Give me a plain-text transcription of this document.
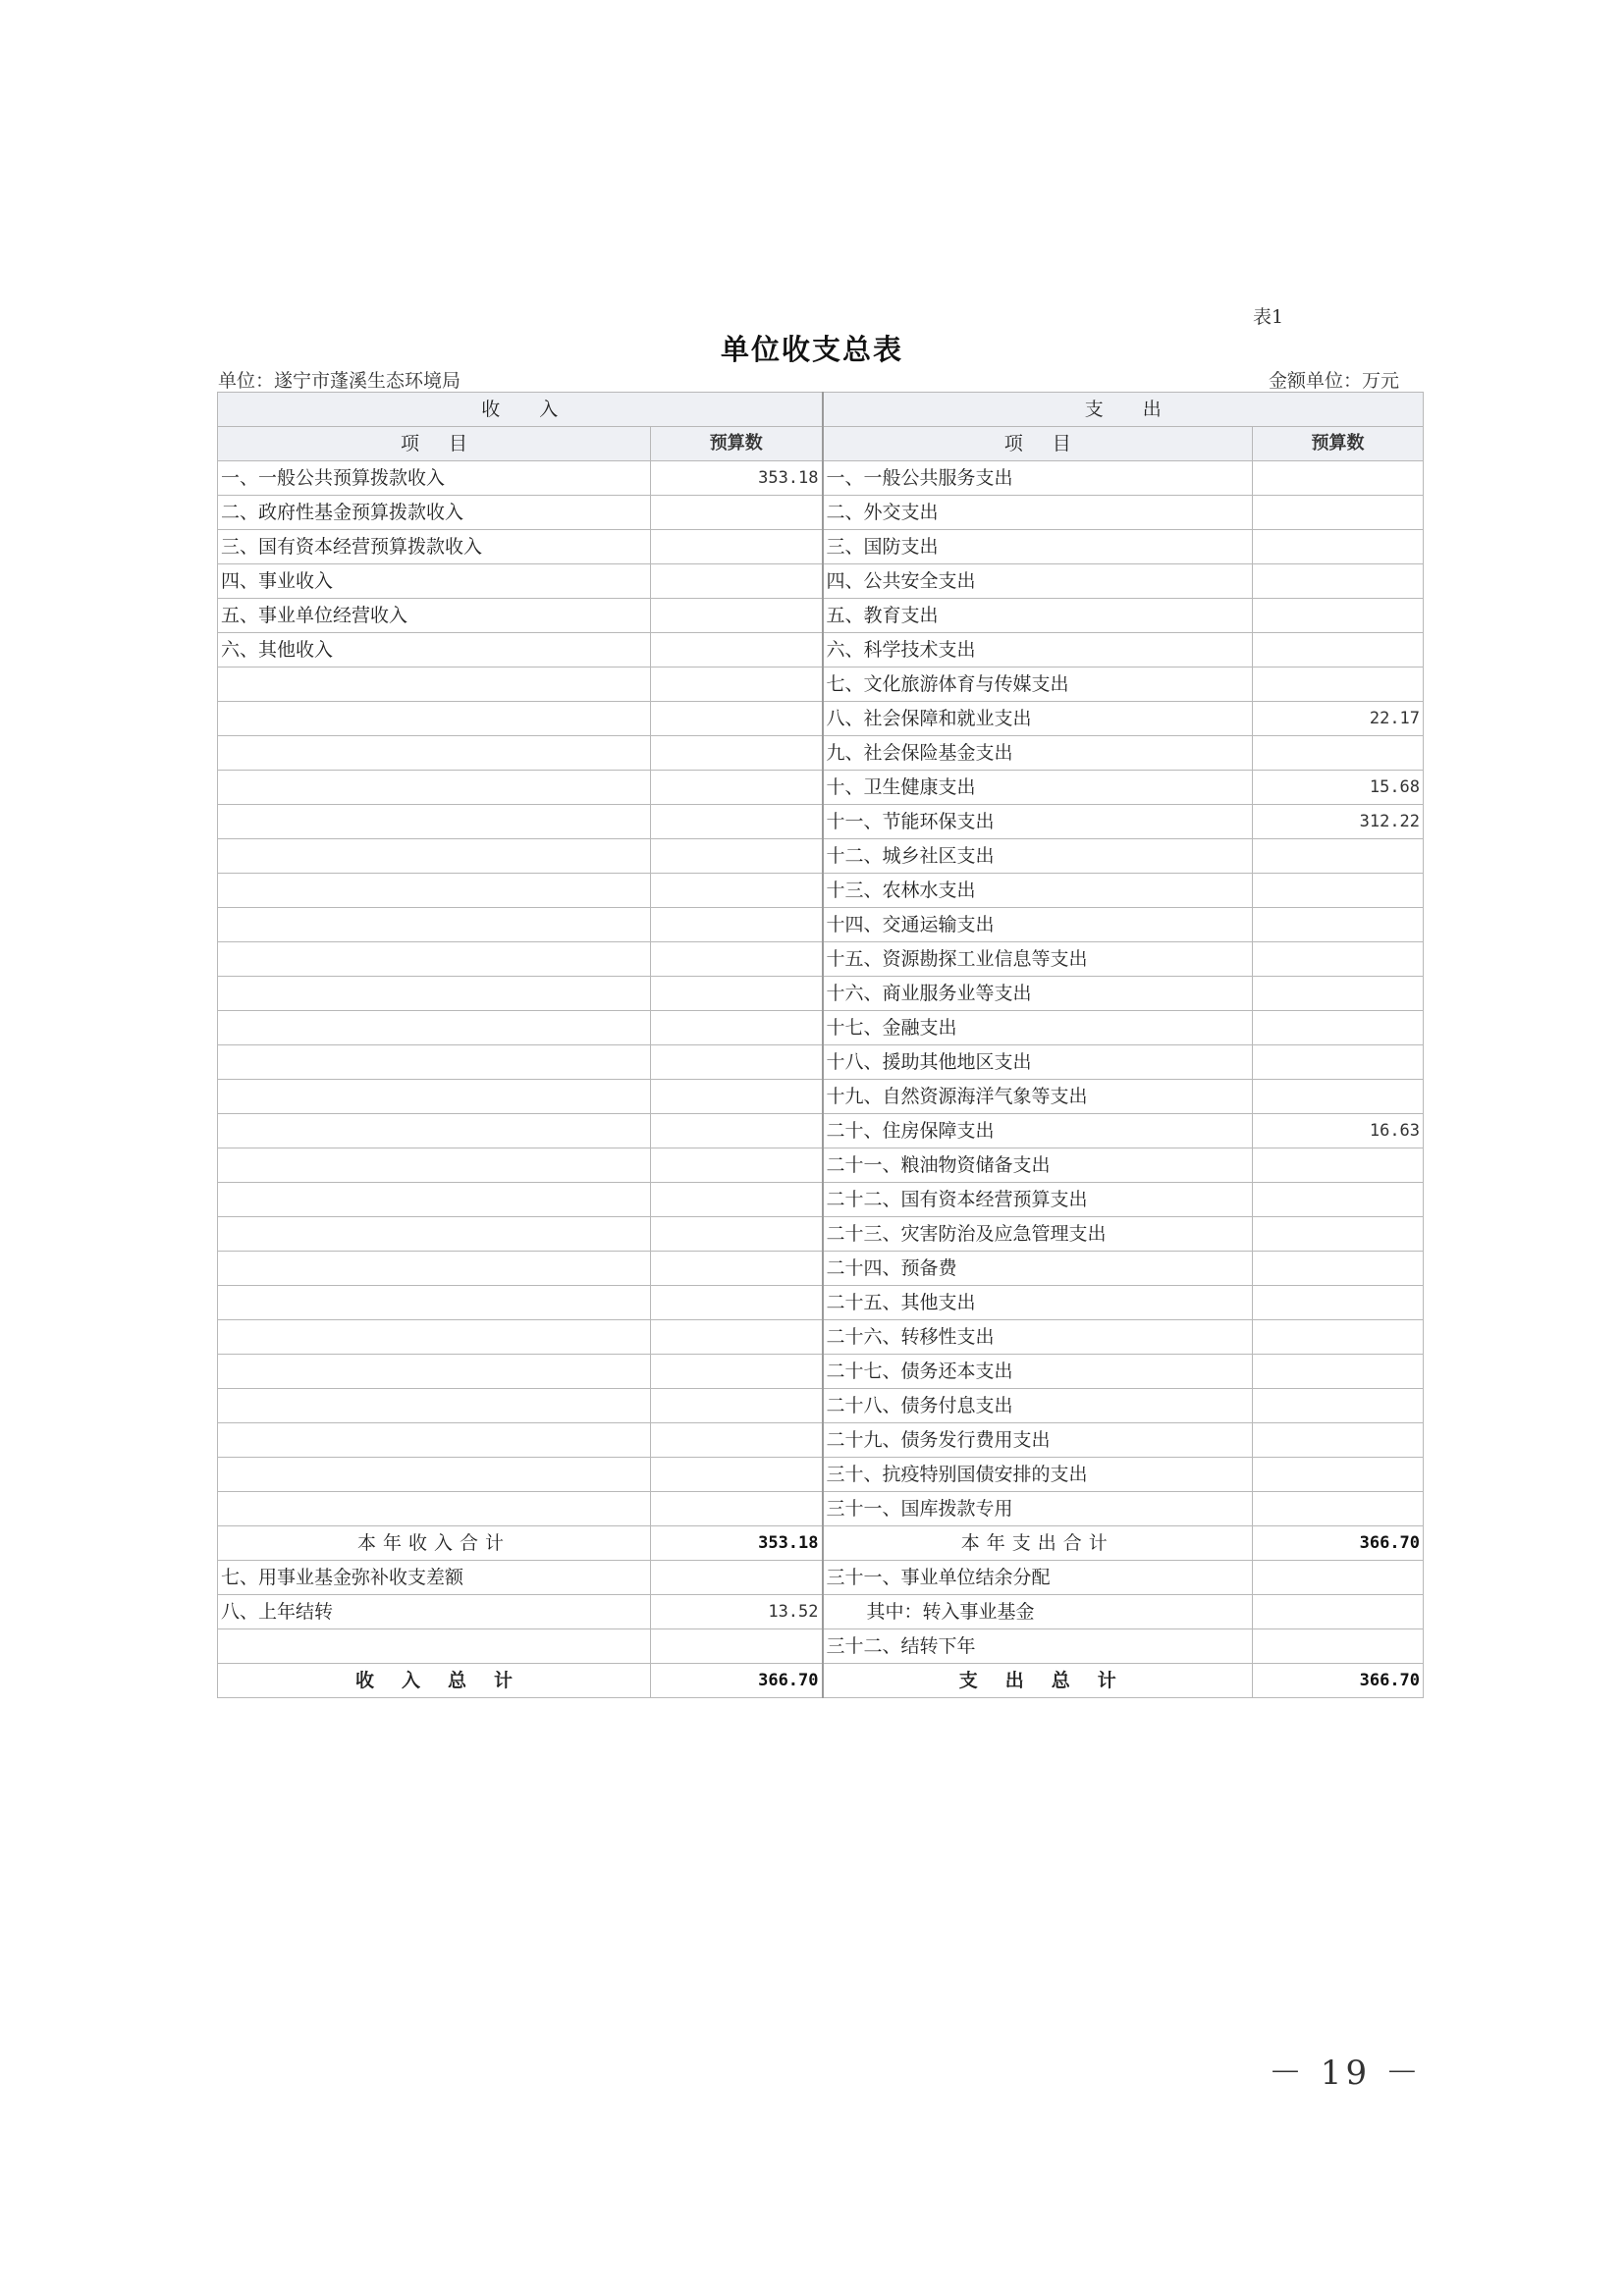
表1
单位收支总表
单位：遂宁市蓬溪生态环境局	金额单位：万元
收入		支出	
项目	预算数	项目	预算数
一、一般公共预算拨款收入	353.18	一、一般公共服务支出	
二、政府性基金预算拨款收入		二、外交支出	
三、国有资本经营预算拨款收入		三、国防支出	
四、事业收入		四、公共安全支出	
五、事业单位经营收入		五、教育支出	
六、其他收入		六、科学技术支出	
		七、文化旅游体育与传媒支出	
		八、社会保障和就业支出	22.17
		九、社会保险基金支出	
		十、卫生健康支出	15.68
		十一、节能环保支出	312.22
		十二、城乡社区支出	
		十三、农林水支出	
		十四、交通运输支出	
		十五、资源勘探工业信息等支出	
		十六、商业服务业等支出	
		十七、金融支出	
		十八、援助其他地区支出	
		十九、自然资源海洋气象等支出	
		二十、住房保障支出	16.63
		二十一、粮油物资储备支出	
		二十二、国有资本经营预算支出	
		二十三、灾害防治及应急管理支出	
		二十四、预备费	
		二十五、其他支出	
		二十六、转移性支出	
		二十七、债务还本支出	
		二十八、债务付息支出	
		二十九、债务发行费用支出	
		三十、抗疫特别国债安排的支出	
		三十一、国库拨款专用	
本年收入合计	353.18	本年支出合计	366.70
七、用事业基金弥补收支差额		三十一、事业单位结余分配	
八、上年结转	13.52	其中：转入事业基金	
		三十二、结转下年	
收入总计	366.70	支出总计	366.70
－ 19 －
